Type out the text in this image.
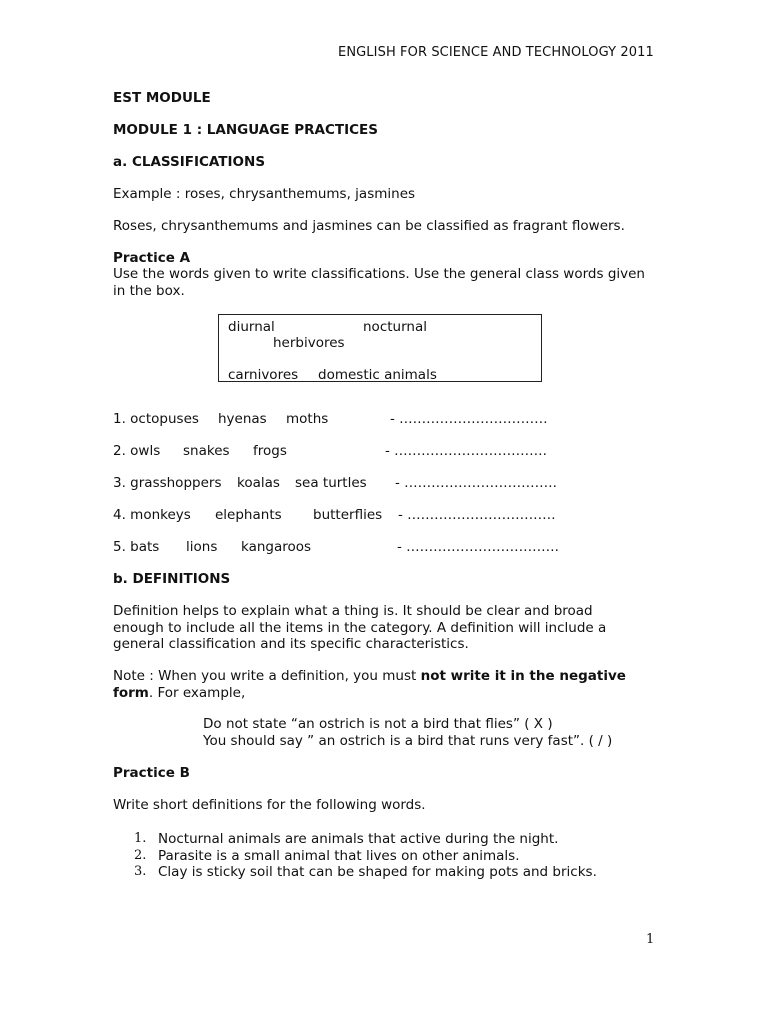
ENGLISH FOR SCIENCE AND TECHNOLOGY 2011
EST MODULE
MODULE 1 : LANGUAGE PRACTICES
a. CLASSIFICATIONS
Example : roses, chrysanthemums, jasmines
Roses, chrysanthemums and jasmines can be classified as fragrant flowers.
Practice A
Use the words given to write classifications. Use the general class words given in the box.
diurnal	nocturnal
herbivores
carnivores domestic animals
1. octopuses hyenas moths	- ……………………………
2. owls snakes frogs	- …………………………….
3. grasshoppers koalas sea turtles - …………………………….
4. monkeys elephants butterflies - ……………………………
5. bats lions kangaroos	- …………………………….
b. DEFINITIONS
Definition helps to explain what a thing is. It should be clear and broad enough to include all the items in the category. A definition will include a general classification and its specific characteristics.
Note : When you write a definition, you must not write it in the negative form. For example,
Do not state “an ostrich is not a bird that flies” ( X )
You should say ” an ostrich is a bird that runs very fast”. ( / )
Practice B
Write short definitions for the following words.
1. Nocturnal animals are animals that active during the night.
2. Parasite is a small animal that lives on other animals.
3. Clay is sticky soil that can be shaped for making pots and bricks.
1
